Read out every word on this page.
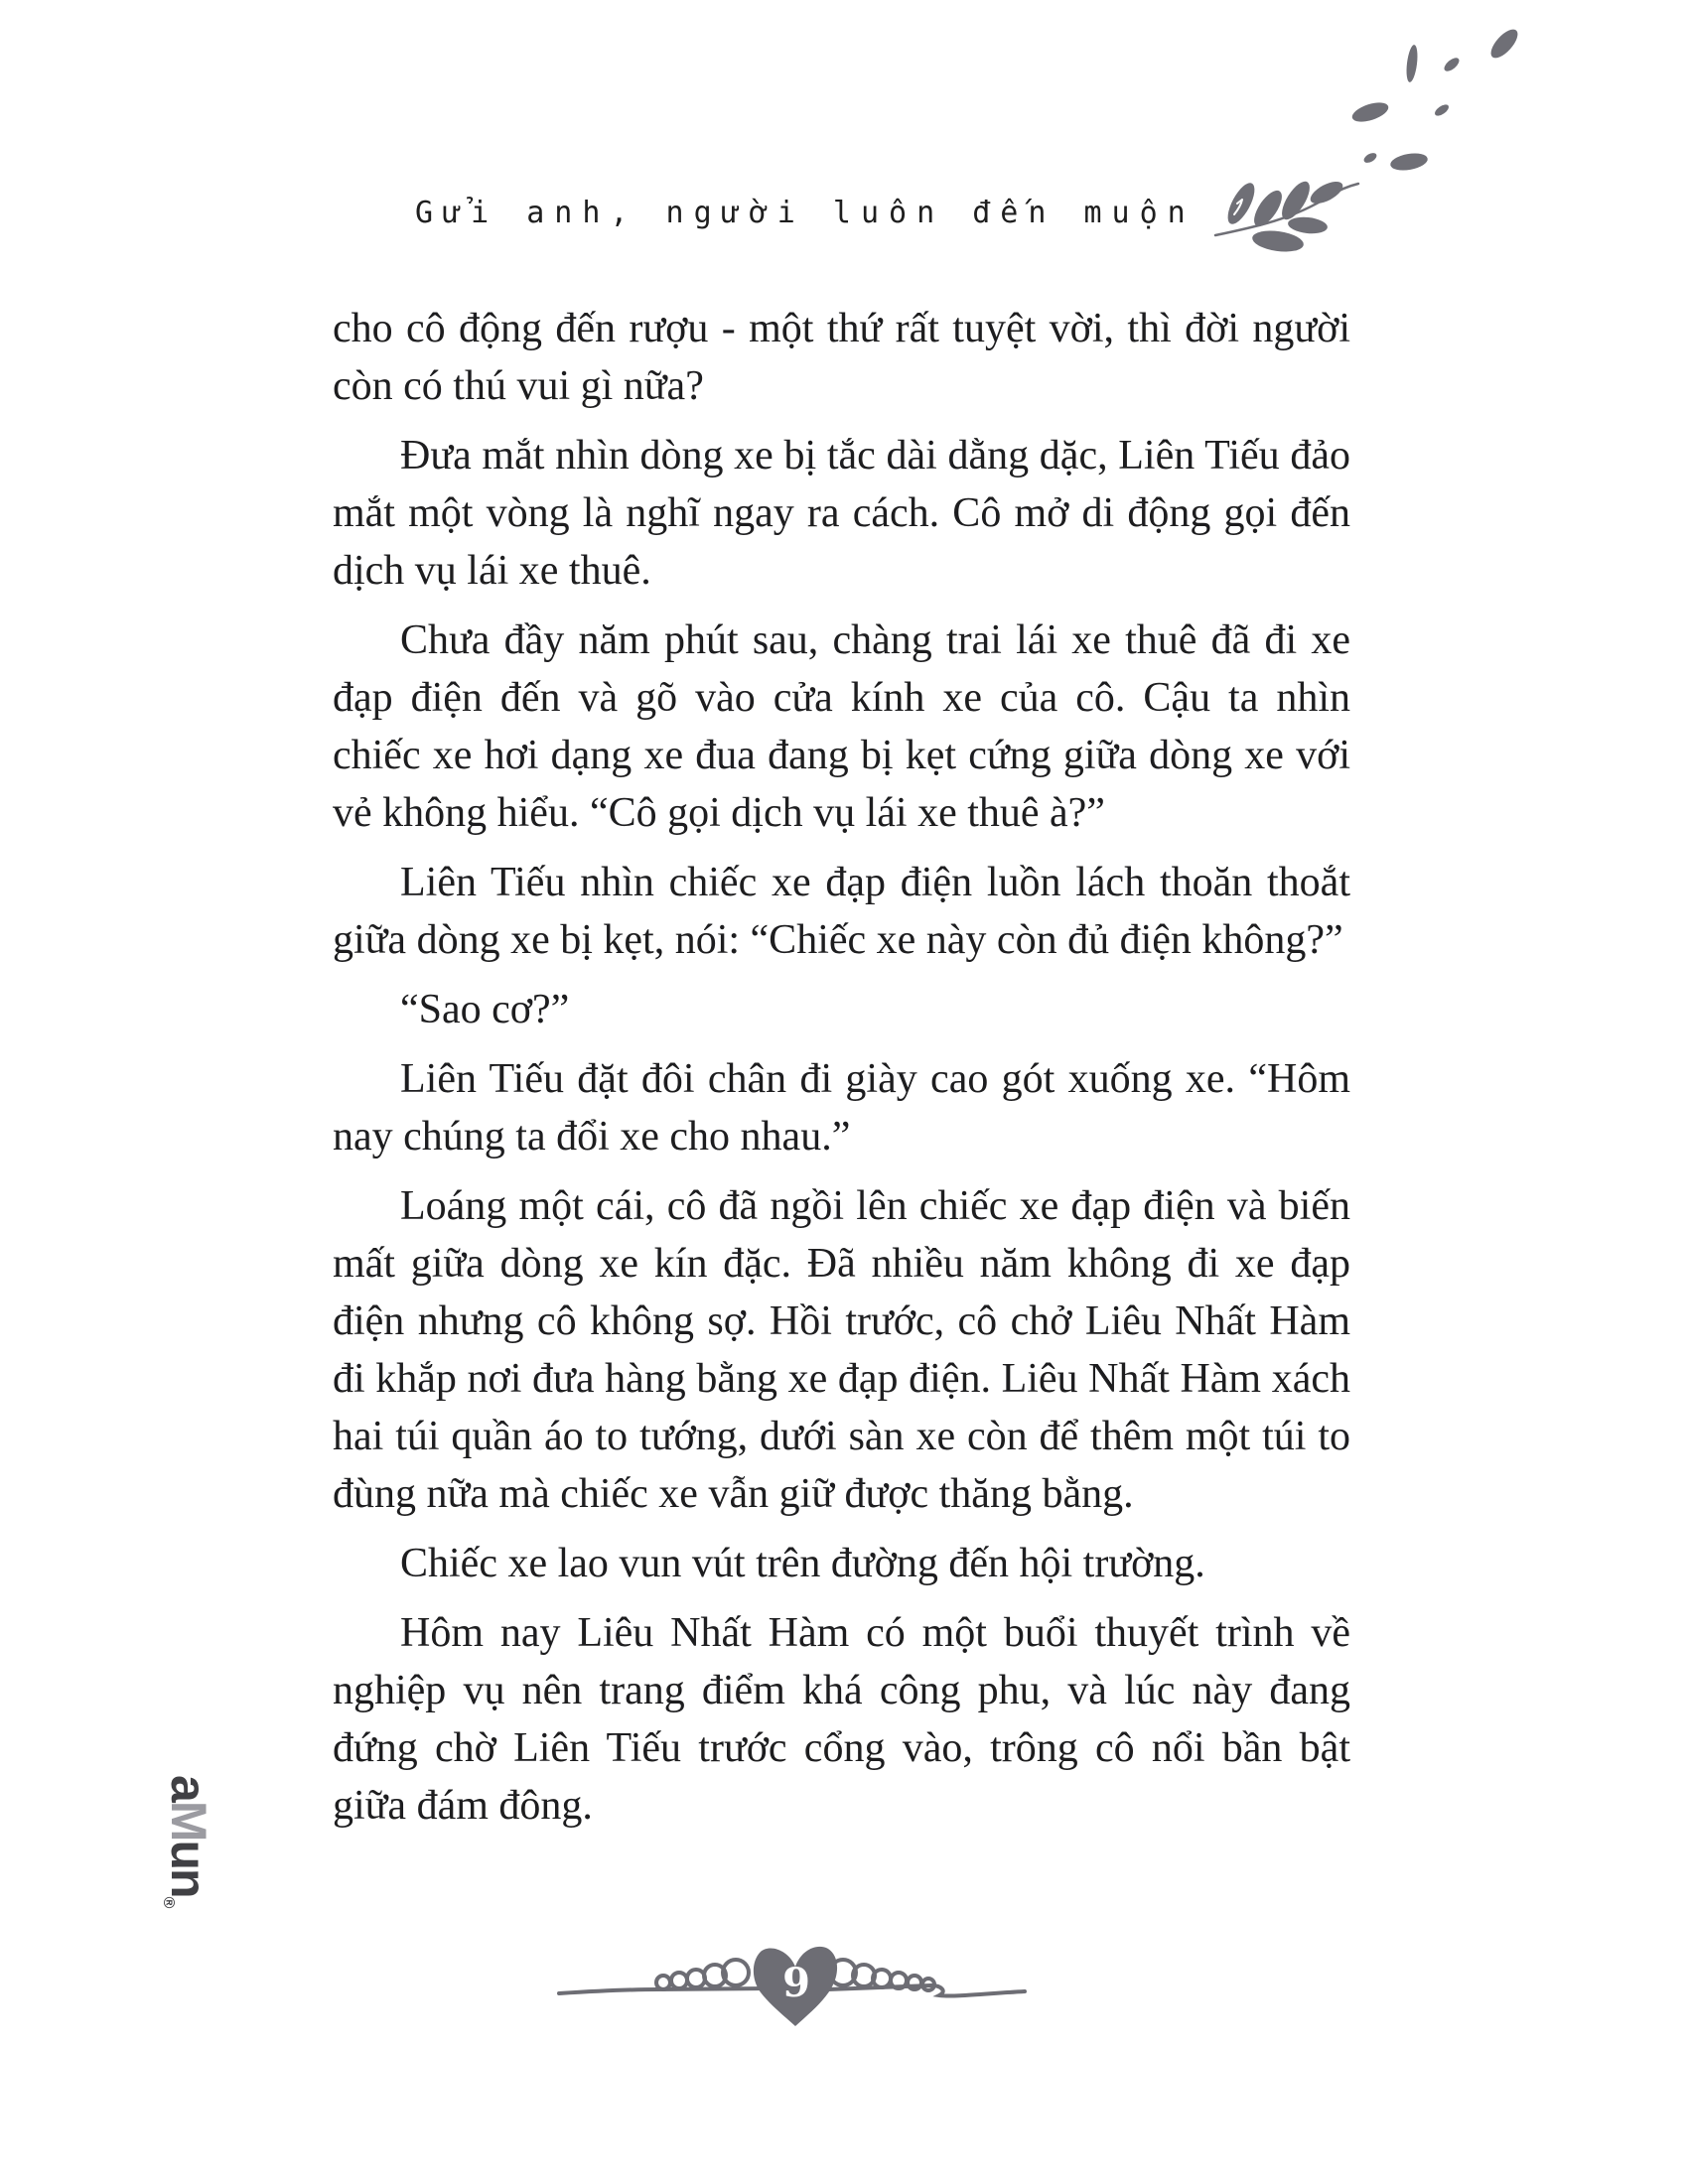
Gửi anh, người luôn đến muộn

cho cô động đến rượu - một thứ rất tuyệt vời, thì đời người còn có thú vui gì nữa?

Đưa mắt nhìn dòng xe bị tắc dài dằng dặc, Liên Tiếu đảo mắt một vòng là nghĩ ngay ra cách. Cô mở di động gọi đến dịch vụ lái xe thuê.

Chưa đầy năm phút sau, chàng trai lái xe thuê đã đi xe đạp điện đến và gõ vào cửa kính xe của cô. Cậu ta nhìn chiếc xe hơi dạng xe đua đang bị kẹt cứng giữa dòng xe với vẻ không hiểu. “Cô gọi dịch vụ lái xe thuê à?”

Liên Tiếu nhìn chiếc xe đạp điện luồn lách thoăn thoắt giữa dòng xe bị kẹt, nói: “Chiếc xe này còn đủ điện không?”

“Sao cơ?”

Liên Tiếu đặt đôi chân đi giày cao gót xuống xe. “Hôm nay chúng ta đổi xe cho nhau.”

Loáng một cái, cô đã ngồi lên chiếc xe đạp điện và biến mất giữa dòng xe kín đặc. Đã nhiều năm không đi xe đạp điện nhưng cô không sợ. Hồi trước, cô chở Liêu Nhất Hàm đi khắp nơi đưa hàng bằng xe đạp điện. Liêu Nhất Hàm xách hai túi quần áo to tướng, dưới sàn xe còn để thêm một túi to đùng nữa mà chiếc xe vẫn giữ được thăng bằng.

Chiếc xe lao vun vút trên đường đến hội trường.

Hôm nay Liêu Nhất Hàm có một buổi thuyết trình về nghiệp vụ nên trang điểm khá công phu, và lúc này đang đứng chờ Liên Tiếu trước cổng vào, trông cô nổi bần bật giữa đám đông.

9
aMun®
